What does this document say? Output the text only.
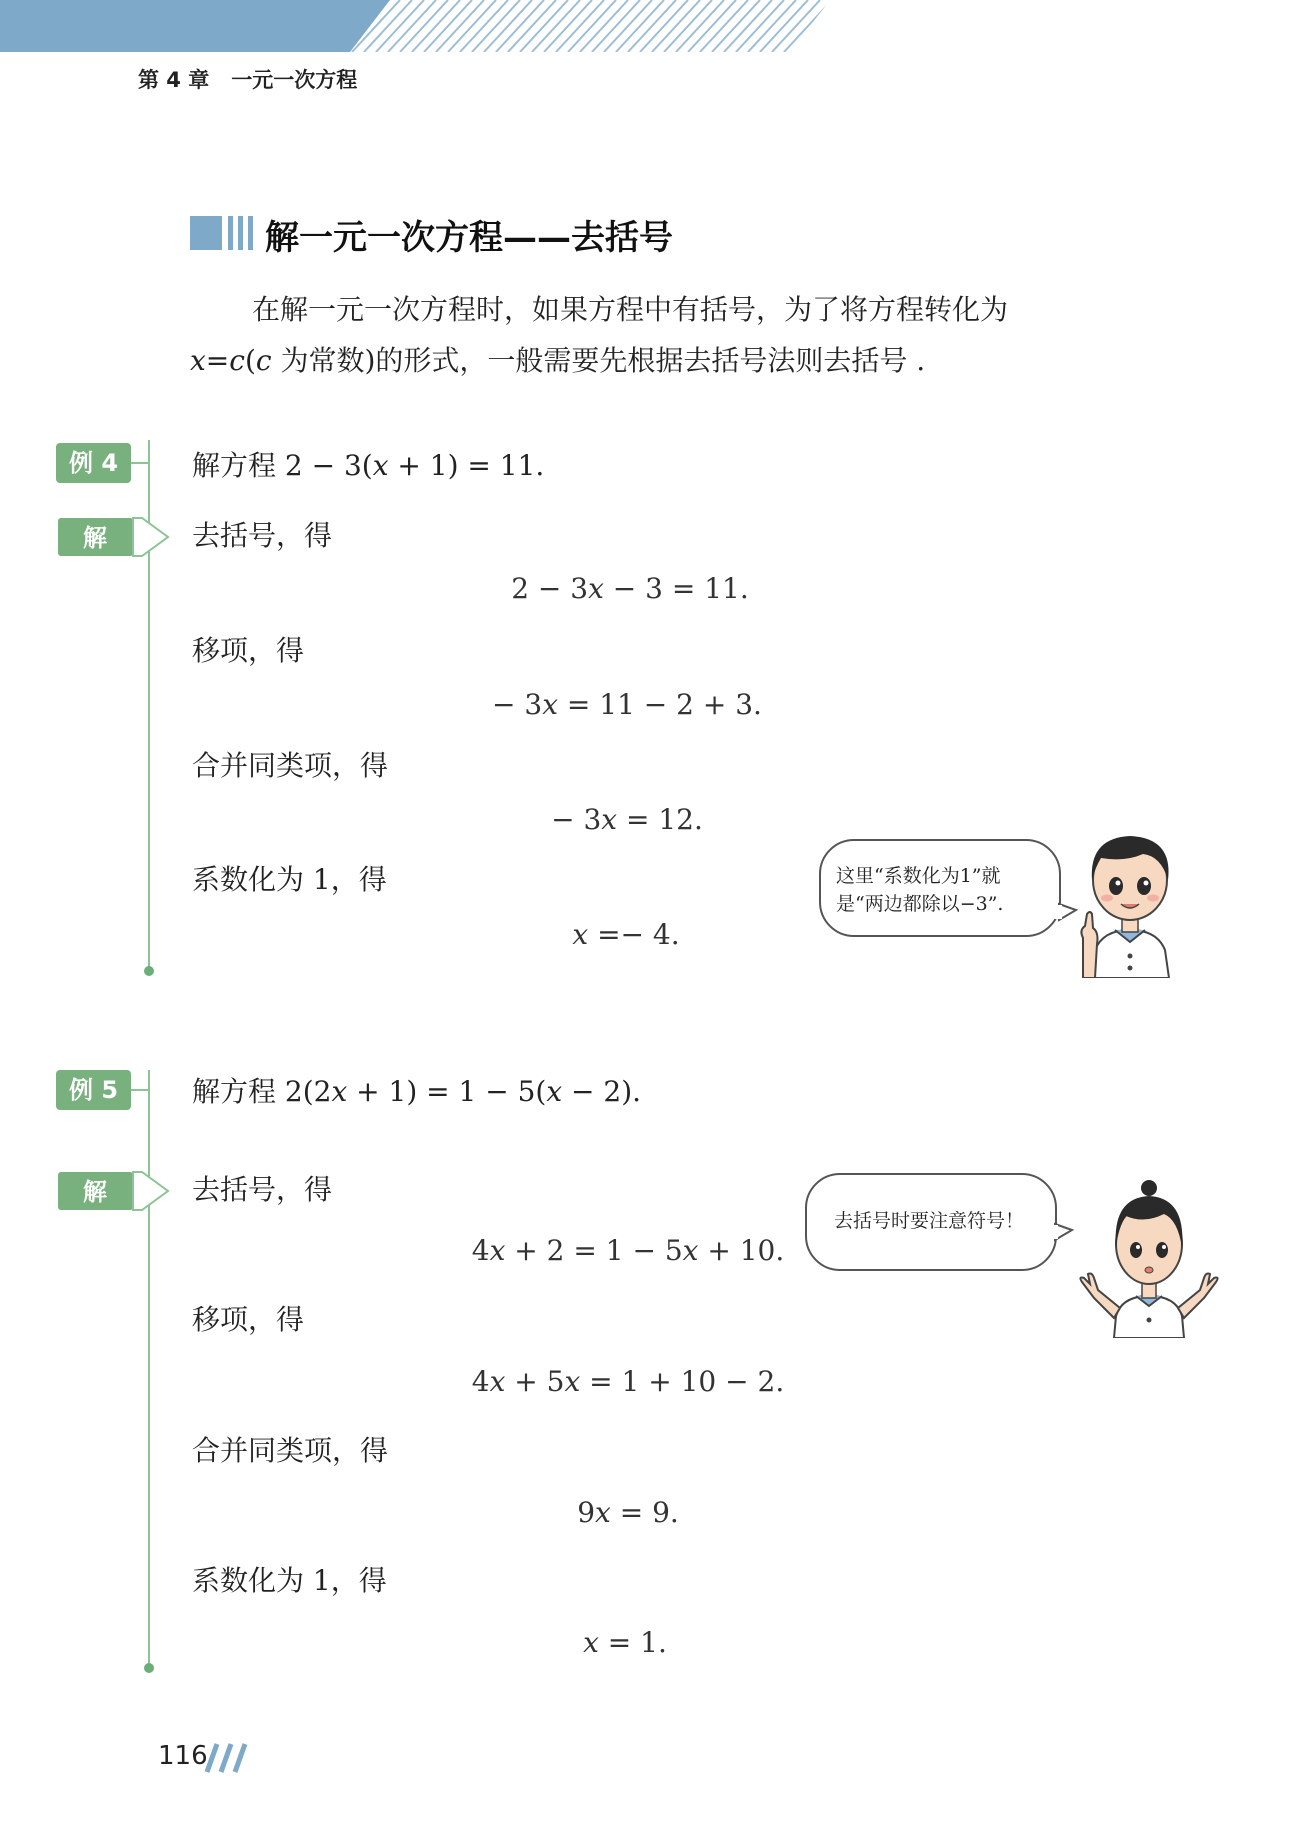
第 4 章 一元一次方程
解一元一次方程——去括号

在解一元一次方程时，如果方程中有括号，为了将方程转化为

x=c(c 为常数)的形式，一般需要先根据去括号法则去括号 .

例 4	解方程 2 − 3(x + 1) = 11.
解	去括号，得
2 − 3x − 3 = 11.
移项，得
− 3x = 11 − 2 + 3.
合并同类项，得
− 3x = 12.
系数化为 1，得
x =− 4.
这里“系数化为1”就
是“两边都除以−3”.
例 5	解方程 2(2x + 1) = 1 − 5(x − 2).
解	去括号，得
4x + 2 = 1 − 5x + 10.
移项，得
4x + 5x = 1 + 10 − 2.
合并同类项，得
9x = 9.
系数化为 1，得
x = 1.
去括号时要注意符号！
116
